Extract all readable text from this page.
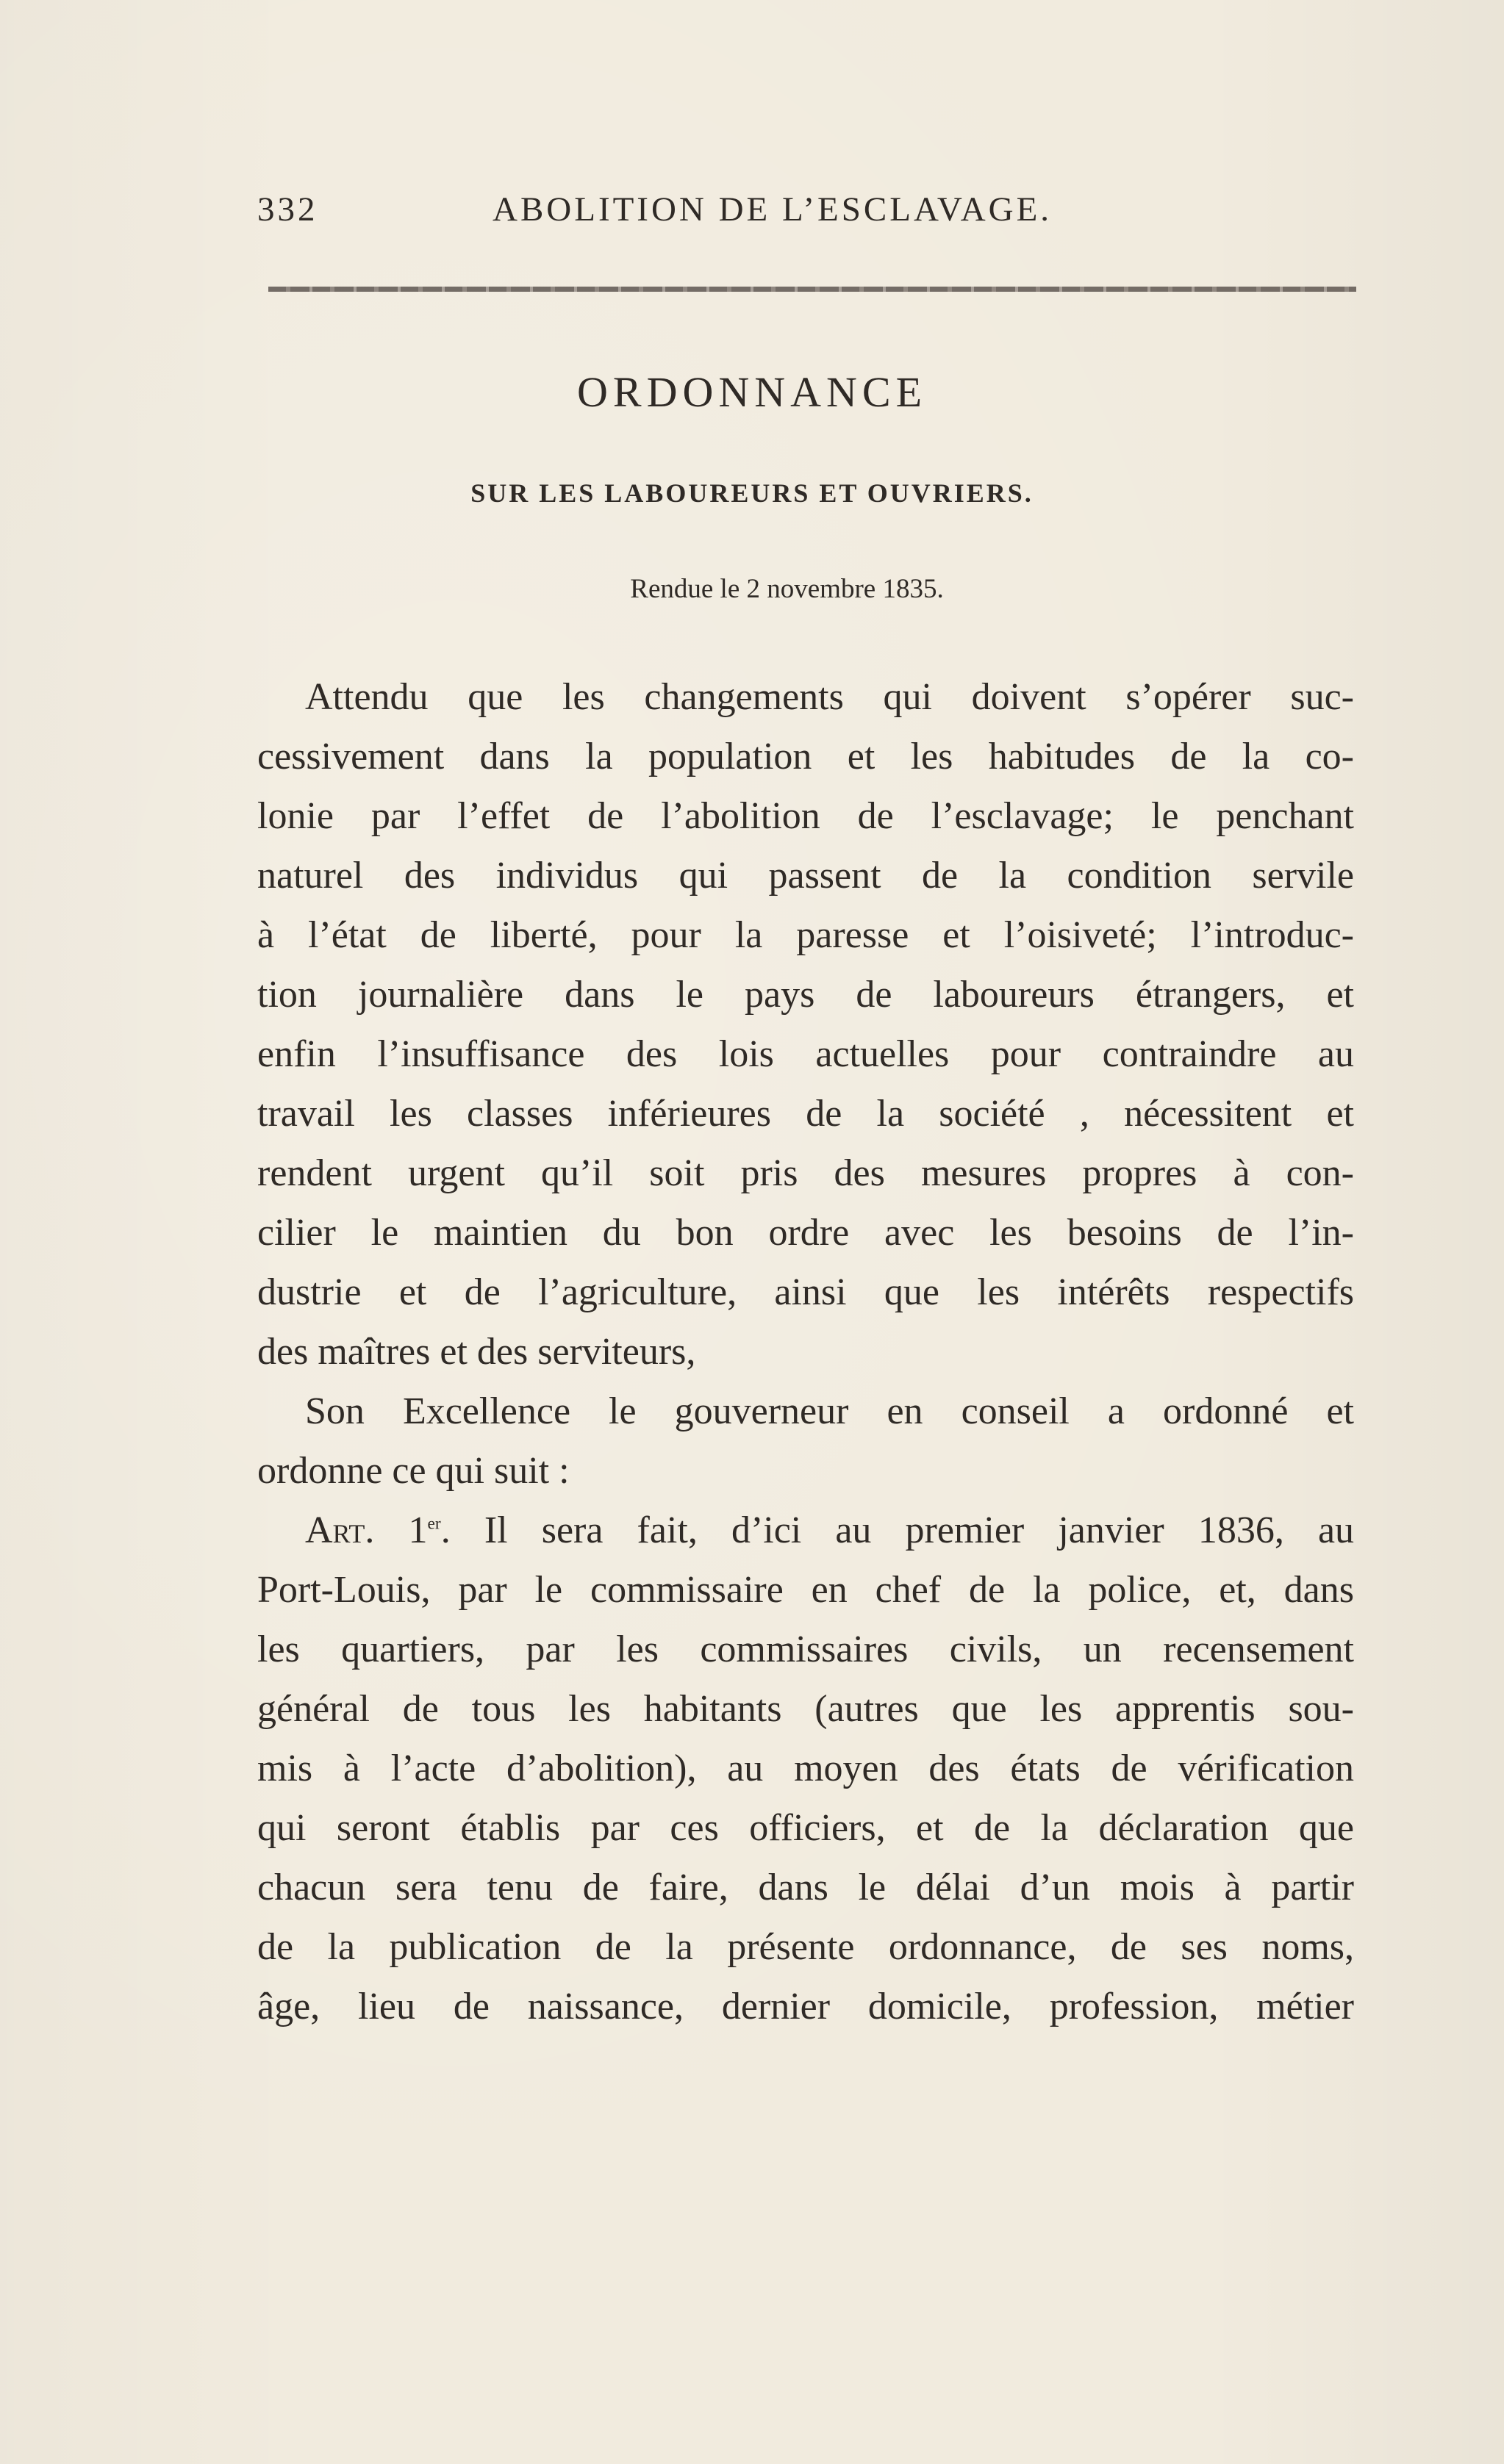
332	ABOLITION DE L’ESCLAVAGE.
ORDONNANCE
SUR LES LABOUREURS ET OUVRIERS.
Rendue le 2 novembre 1835.
Attendu que les changements qui doivent s’opérer suc-
cessivement dans la population et les habitudes de la co-
lonie par l’effet de l’abolition de l’esclavage; le penchant
naturel des individus qui passent de la condition servile
à l’état de liberté, pour la paresse et l’oisiveté; l’introduc-
tion journalière dans le pays de laboureurs étrangers, et
enfin l’insuffisance des lois actuelles pour contraindre au
travail les classes inférieures de la société , nécessitent et
rendent urgent qu’il soit pris des mesures propres à con-
cilier le maintien du bon ordre avec les besoins de l’in-
dustrie et de l’agriculture, ainsi que les intérêts respectifs
des maîtres et des serviteurs,
Son Excellence le gouverneur en conseil a ordonné et
ordonne ce qui suit :
Art. 1er. Il sera fait, d’ici au premier janvier 1836, au
Port-Louis, par le commissaire en chef de la police, et, dans
les quartiers, par les commissaires civils, un recensement
général de tous les habitants (autres que les apprentis sou-
mis à l’acte d’abolition), au moyen des états de vérification
qui seront établis par ces officiers, et de la déclaration que
chacun sera tenu de faire, dans le délai d’un mois à partir
de la publication de la présente ordonnance, de ses noms,
âge, lieu de naissance, dernier domicile, profession, métier
